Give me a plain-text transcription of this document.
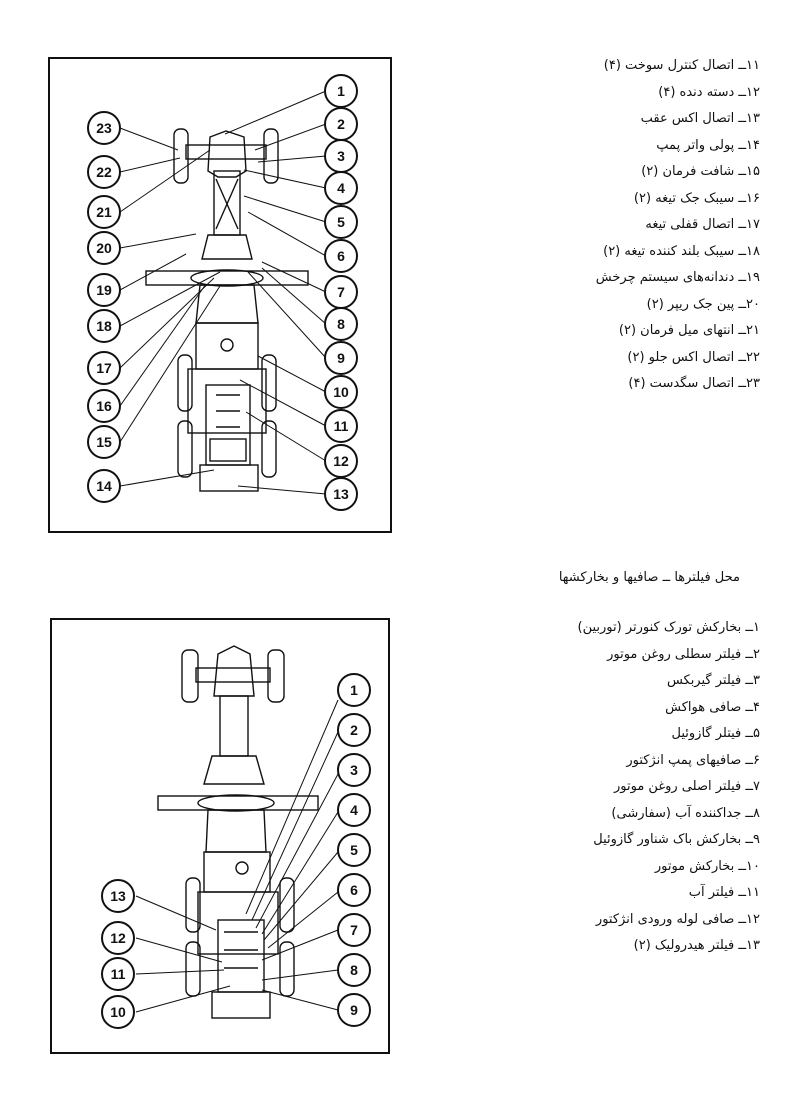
۱۱ــ اتصال کنترل سوخت (۴)
۱۲ــ دسته دنده (۴)
۱۳ــ اتصال اکس عقب
۱۴ــ پولی واتر پمپ
۱۵ــ شافت فرمان (۲)
۱۶ــ سیبک جک تیغه (۲)
۱۷ــ اتصال قفلی تیغه
۱۸ــ سیبک بلند کننده تیغه (۲)
۱۹ــ دندانه‌های سیستم چرخش
۲۰ــ پین جک ریپر (۲)
۲۱ــ انتهای میل فرمان (۲)
۲۲ــ اتصال اکس جلو (۲)
۲۳ــ اتصال سگدست (۴)
محل فیلترها ــ صافیها و بخارکشها
۱ــ بخارکش تورک کنورتر (توربین)
۲ــ فیلتر سطلی روغن موتور
۳ــ فیلتر گیربکس
۴ــ صافی هواکش
۵ــ فیتلر گازوئیل
۶ــ صافیهای پمپ انژکتور
۷ــ فیلتر اصلی روغن موتور
۸ــ جداکننده آب (سفارشی)
۹ــ بخارکش باک شناور گازوئیل
۱۰ــ بخارکش موتور
۱۱ــ فیلتر آب
۱۲ــ صافی لوله ورودی انژکتور
۱۳ــ فیلتر هیدرولیک (۲)
1
2
3
4
5
6
7
8
9
10
11
12
13
23
22
21
20
19
18
17
16
15
14
1
2
3
4
5
6
7
8
9
13
12
11
10
